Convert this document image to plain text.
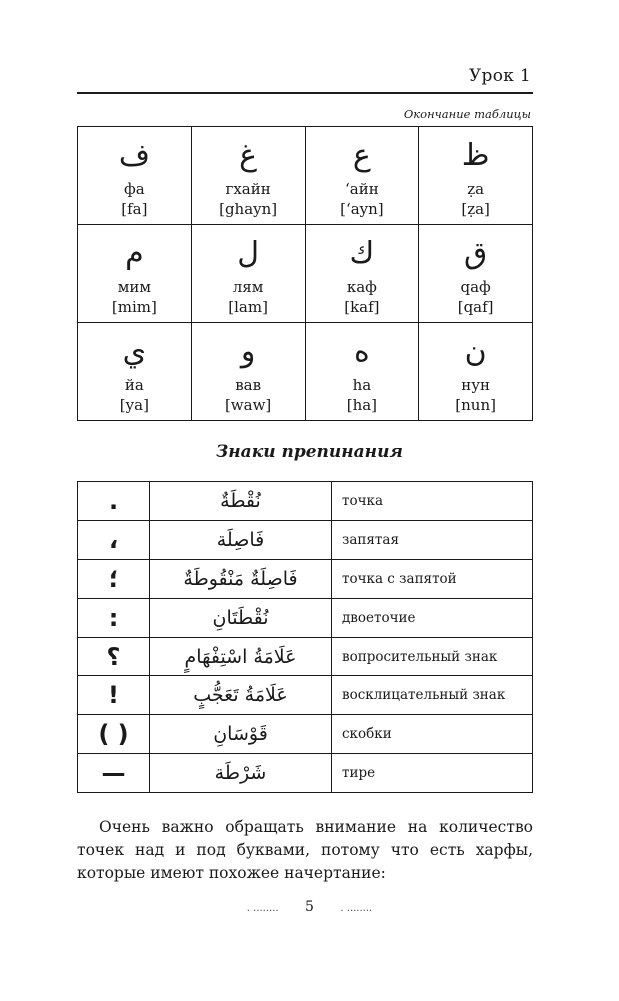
Урок 1
Окончание таблицы
ف
фа
[fa]	غ
гхайн
[ghayn]	ع
‘айн
[‘ayn]	ظ
ẓa
[ẓa]

م
мим
[mim]	ل
лям
[lam]	ك
каф
[kaf]	ق
qaф
[qaf]

ي
йа
[ya]	و
вав
[waw]	ه
ha
[ha]	ن
нун
[nun]
Знаки препинания
.	نُقْطَةٌ	точка
،	فَاصِلَة	запятая
؛	فَاصِلَةٌ مَنْقُوطَةٌ	точка с запятой
:	نُقْطَتَانِ	двоеточие
؟	عَلَامَةُ اسْتِفْهَامٍ	вопросительный знак
!	عَلَامَةُ تَعَجُّبٍ	восклицательный знак
( )	قَوْسَانِ	скобки
—	شَرْطَة	тире

Очень важно обращать внимание на количество точек над и под буквами, потому что есть харфы, которые имеют похожее начертание:

. ........ 5	. ........
